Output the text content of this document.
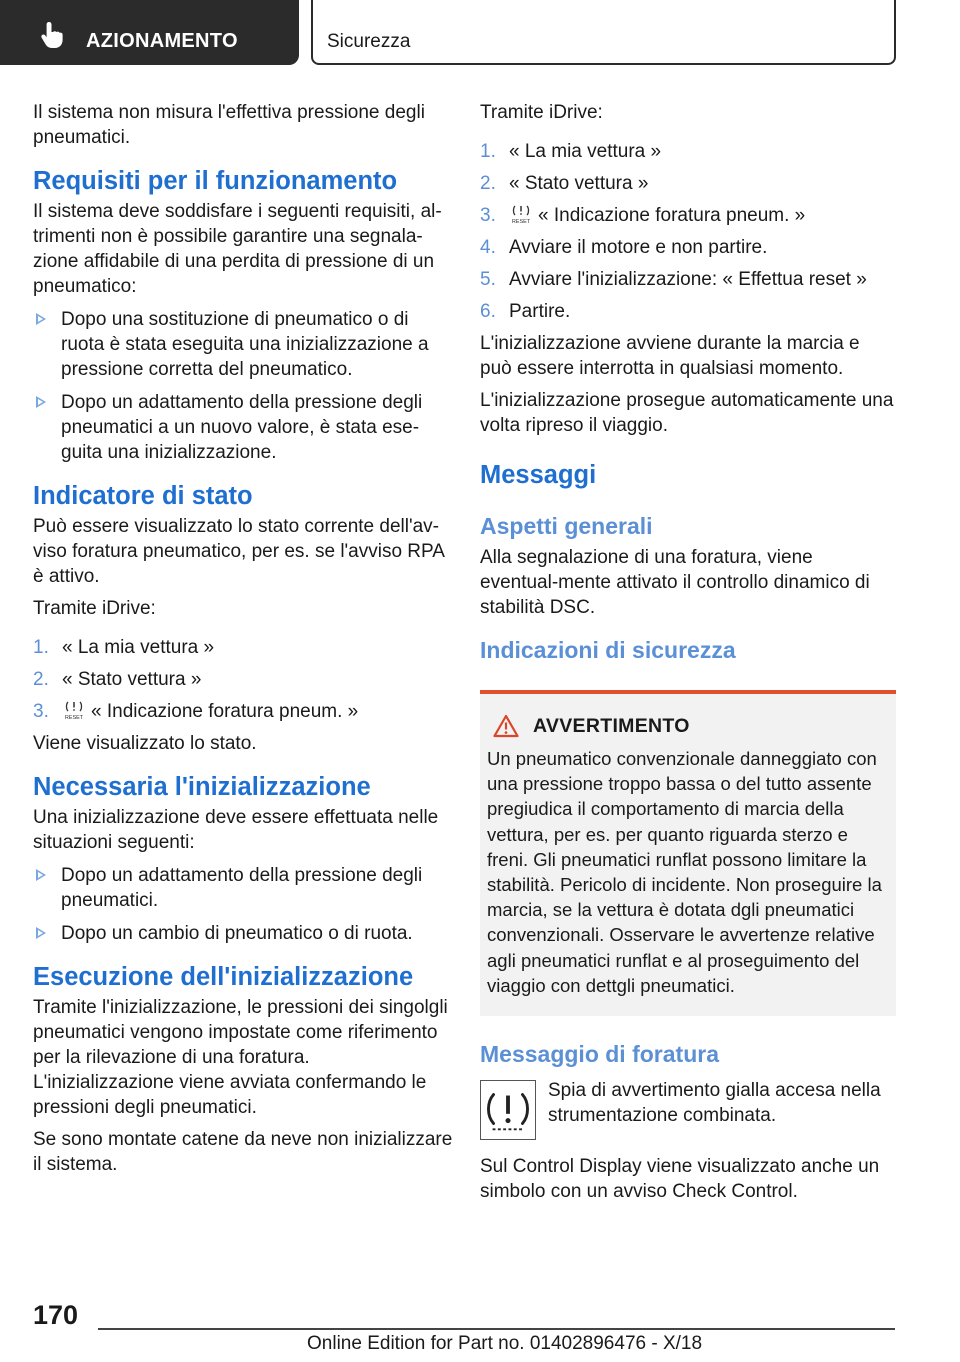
AZIONAMENTO	Sicurezza

Il sistema non misura l'effettiva pressione degli pneumatici.

Requisiti per il funzionamento

Il sistema deve soddisfare i seguenti requisiti, al-trimenti non è possibile garantire una segnala-zione affidabile di una perdita di pressione di un pneumatico:

Dopo una sostituzione di pneumatico o di ruota è stata eseguita una inizializzazione a pressione corretta del pneumatico.
Dopo un adattamento della pressione degli pneumatici a un nuovo valore, è stata ese-guita una inizializzazione.
Indicatore di stato

Può essere visualizzato lo stato corrente dell'av-viso foratura pneumatico, per es. se l'avviso RPA è attivo.

Tramite iDrive:

1. « La mia vettura »
2. « Stato vettura »
3.	RESET « Indicazione foratura pneum. »

Viene visualizzato lo stato.

Necessaria l'inizializzazione

Una inizializzazione deve essere effettuata nelle situazioni seguenti:

Dopo un adattamento della pressione degli pneumatici.
Dopo un cambio di pneumatico o di ruota.
Esecuzione dell'inizializzazione

Tramite l'inizializzazione, le pressioni dei singolgli pneumatici vengono impostate come riferimento per la rilevazione di una foratura. L'inizializzazione viene avviata confermando le pressioni degli pneumatici.

Se sono montate catene da neve non inizializzare il sistema.

Tramite iDrive:

1. « La mia vettura »
2. « Stato vettura »
3.	RESET « Indicazione foratura pneum. »
4. Avviare il motore e non partire.
5. Avviare l'inizializzazione: « Effettua reset »
6. Partire.

L'inizializzazione avviene durante la marcia e può essere interrotta in qualsiasi momento.

L'inizializzazione prosegue automaticamente una volta ripreso il viaggio.

Messaggi
Aspetti generali

Alla segnalazione di una foratura, viene eventual-mente attivato il controllo dinamico di stabilità DSC.

Indicazioni di sicurezza
AVVERTIMENTO
Un pneumatico convenzionale danneggiato con una pressione troppo bassa o del tutto assente pregiudica il comportamento di marcia della vettura, per es. per quanto riguarda sterzo e freni. Gli pneumatici runflat possono limitare la stabilità. Pericolo di incidente. Non proseguire la marcia, se la vettura è dotata dgli pneumatici convenzionali. Osservare le avvertenze relative agli pneumatici runflat e al proseguimento del viaggio con dettgli pneumatici.
Messaggio di foratura
Spia di avvertimento gialla accesa nella strumentazione combinata.

Sul Control Display viene visualizzato anche un simbolo con un avviso Check Control.

170
Online Edition for Part no. 01402896476 - X/18
